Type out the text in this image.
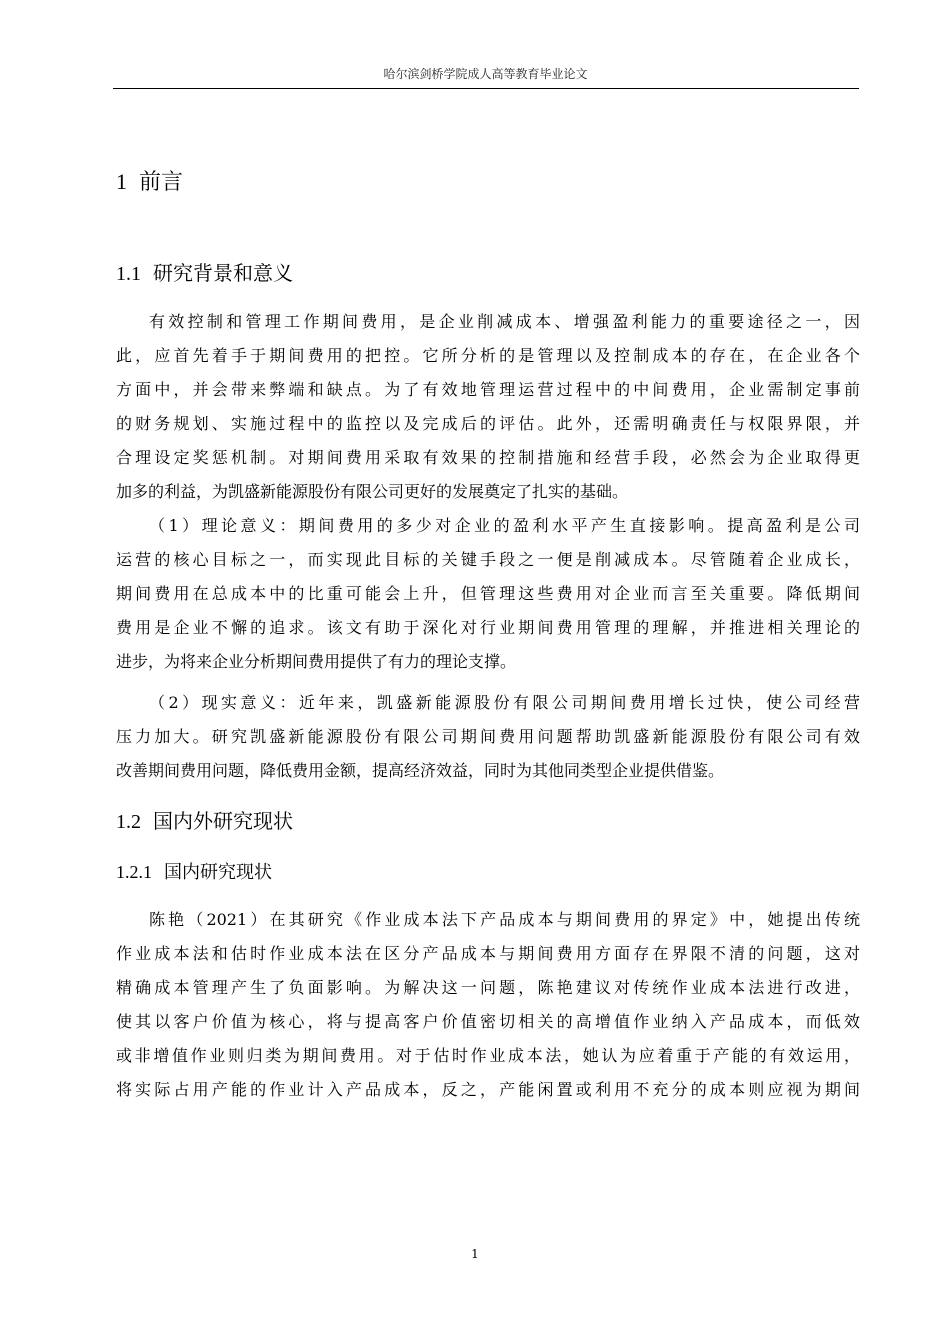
哈尔滨剑桥学院成人高等教育毕业论文
1 前言
1.1 研究背景和意义
有效控制和管理工作期间费用，是企业削减成本、增强盈利能力的重要途径之一，因
此，应首先着手于期间费用的把控。它所分析的是管理以及控制成本的存在，在企业各个
方面中，并会带来弊端和缺点。为了有效地管理运营过程中的中间费用，企业需制定事前
的财务规划、实施过程中的监控以及完成后的评估。此外，还需明确责任与权限界限，并
合理设定奖惩机制。对期间费用采取有效果的控制措施和经营手段，必然会为企业取得更
加多的利益，为凯盛新能源股份有限公司更好的发展奠定了扎实的基础。
（1）理论意义：期间费用的多少对企业的盈利水平产生直接影响。提高盈利是公司
运营的核心目标之一，而实现此目标的关键手段之一便是削减成本。尽管随着企业成长，
期间费用在总成本中的比重可能会上升，但管理这些费用对企业而言至关重要。降低期间
费用是企业不懈的追求。该文有助于深化对行业期间费用管理的理解，并推进相关理论的
进步，为将来企业分析期间费用提供了有力的理论支撑。
（2）现实意义：近年来，凯盛新能源股份有限公司期间费用增长过快，使公司经营
压力加大。研究凯盛新能源股份有限公司期间费用问题帮助凯盛新能源股份有限公司有效
改善期间费用问题，降低费用金额，提高经济效益，同时为其他同类型企业提供借鉴。
1.2 国内外研究现状
1.2.1 国内研究现状
陈艳（2021）在其研究《作业成本法下产品成本与期间费用的界定》中，她提出传统
作业成本法和估时作业成本法在区分产品成本与期间费用方面存在界限不清的问题，这对
精确成本管理产生了负面影响。为解决这一问题，陈艳建议对传统作业成本法进行改进，
使其以客户价值为核心，将与提高客户价值密切相关的高增值作业纳入产品成本，而低效
或非增值作业则归类为期间费用。对于估时作业成本法，她认为应着重于产能的有效运用，
将实际占用产能的作业计入产品成本，反之，产能闲置或利用不充分的成本则应视为期间
1
